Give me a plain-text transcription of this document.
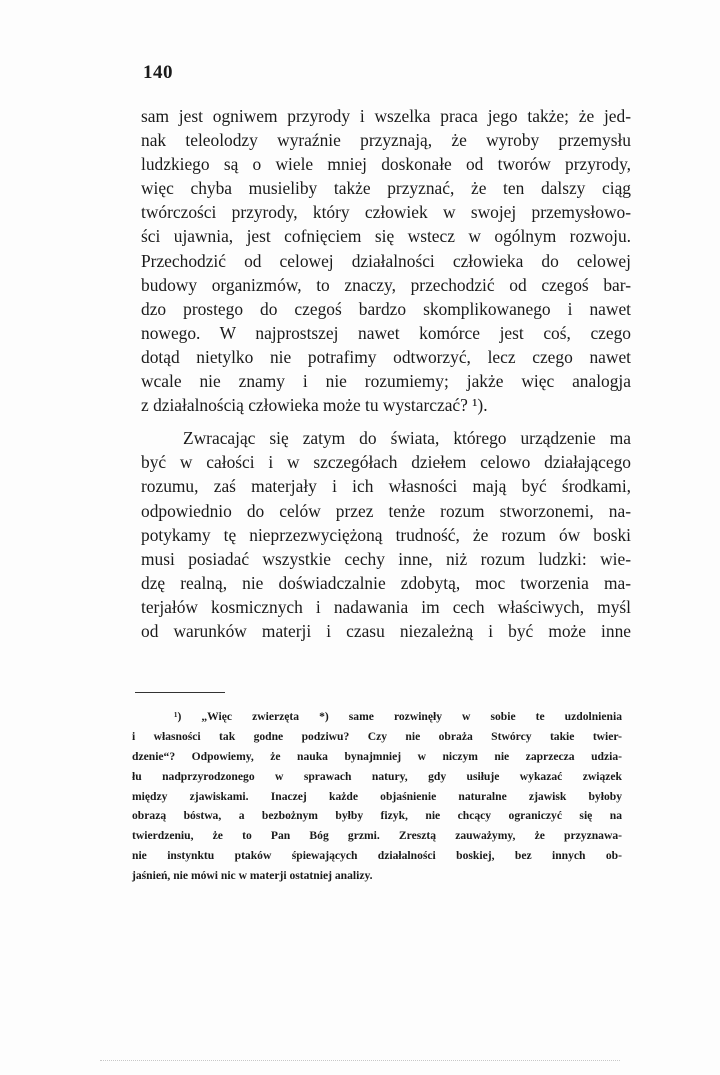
140
sam jest ogniwem przyrody i wszelka praca jego także; że jed-
nak teleolodzy wyraźnie przyznają, że wyroby przemysłu
ludzkiego są o wiele mniej doskonałe od tworów przyrody,
więc chyba musieliby także przyznać, że ten dalszy ciąg
twórczości przyrody, który człowiek w swojej przemysłowo-
ści ujawnia, jest cofnięciem się wstecz w ogólnym rozwoju.
Przechodzić od celowej działalności człowieka do celowej
budowy organizmów, to znaczy, przechodzić od czegoś bar-
dzo prostego do czegoś bardzo skomplikowanego i nawet
nowego. W najprostszej nawet komórce jest coś, czego
dotąd nietylko nie potrafimy odtworzyć, lecz czego nawet
wcale nie znamy i nie rozumiemy; jakże więc analogja
z działalnością człowieka może tu wystarczać? ¹).
Zwracając się zatym do świata, którego urządzenie ma
być w całości i w szczegółach dziełem celowo działającego
rozumu, zaś materjały i ich własności mają być środkami,
odpowiednio do celów przez tenże rozum stworzonemi, na-
potykamy tę nieprzezwyciężoną trudność, że rozum ów boski
musi posiadać wszystkie cechy inne, niż rozum ludzki: wie-
dzę realną, nie doświadczalnie zdobytą, moc tworzenia ma-
terjałów kosmicznych i nadawania im cech właściwych, myśl
od warunków materji i czasu niezależną i być może inne
¹) „Więc zwierzęta *) same rozwinęły w sobie te uzdolnienia
i własności tak godne podziwu? Czy nie obraża Stwórcy takie twier-
dzenie“? Odpowiemy, że nauka bynajmniej w niczym nie zaprzecza udzia-
łu nadprzyrodzonego w sprawach natury, gdy usiłuje wykazać związek
między zjawiskami. Inaczej każde objaśnienie naturalne zjawisk byłoby
obrazą bóstwa, a bezbożnym byłby fizyk, nie chcący ograniczyć się na
twierdzeniu, że to Pan Bóg grzmi. Zresztą zauważymy, że przyznawa-
nie instynktu ptaków śpiewających działalności boskiej, bez innych ob-
jaśnień, nie mówi nic w materji ostatniej analizy.
